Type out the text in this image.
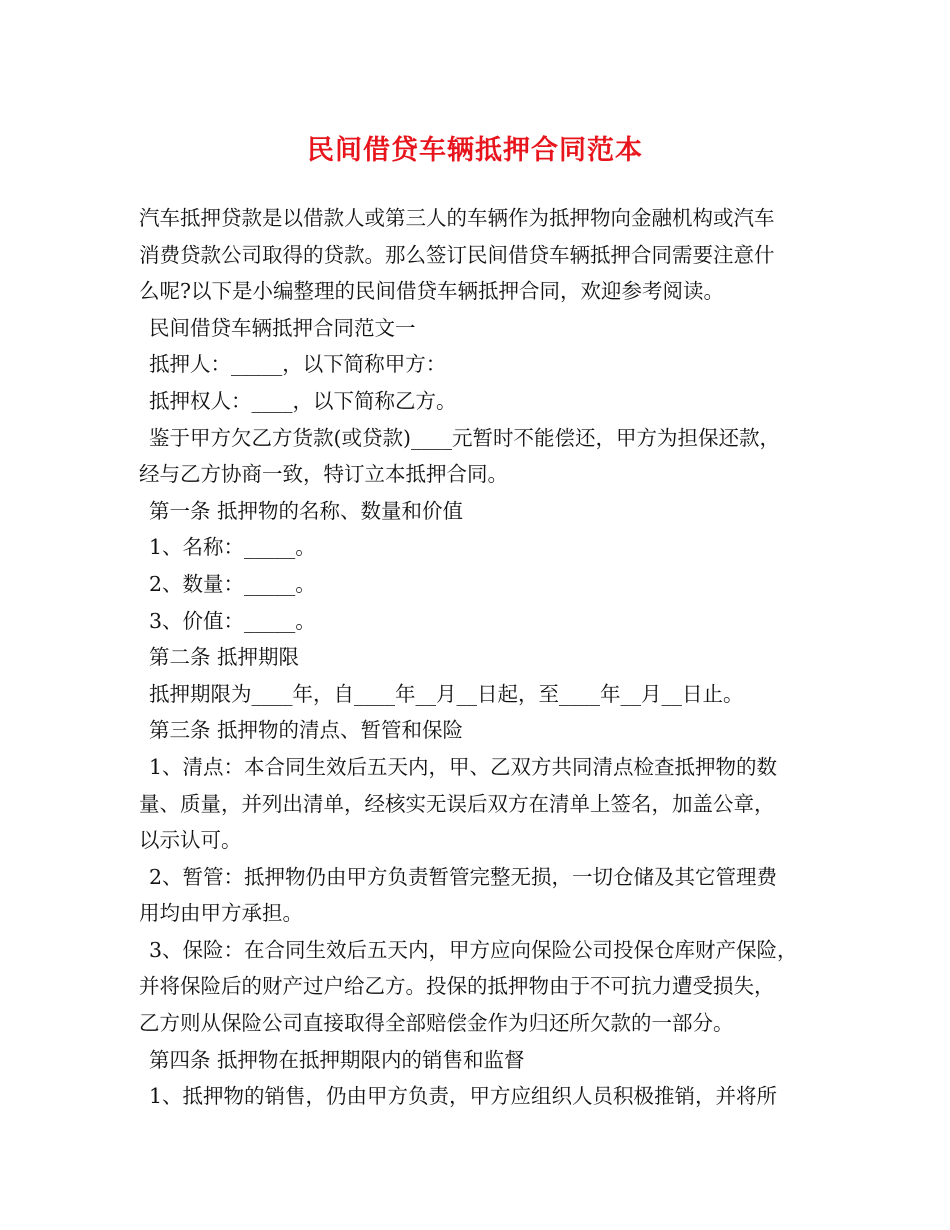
民间借贷车辆抵押合同范本
汽车抵押贷款是以借款人或第三人的车辆作为抵押物向金融机构或汽车
消费贷款公司取得的贷款。那么签订民间借贷车辆抵押合同需要注意什
么呢?以下是小编整理的民间借贷车辆抵押合同，欢迎参考阅读。
民间借贷车辆抵押合同范文一
抵押人：_____，以下简称甲方：
抵押权人：____，以下简称乙方。
鉴于甲方欠乙方货款(或贷款)____元暂时不能偿还，甲方为担保还款，
经与乙方协商一致，特订立本抵押合同。
第一条 抵押物的名称、数量和价值
1、名称：_____。
2、数量：_____。
3、价值：_____。
第二条 抵押期限
抵押期限为____年，自____年__月__日起，至____年__月__日止。
第三条 抵押物的清点、暂管和保险
1、清点：本合同生效后五天内，甲、乙双方共同清点检查抵押物的数
量、质量，并列出清单，经核实无误后双方在清单上签名，加盖公章，
以示认可。
2、暂管：抵押物仍由甲方负责暂管完整无损，一切仓储及其它管理费
用均由甲方承担。
3、保险：在合同生效后五天内，甲方应向保险公司投保仓库财产保险，
并将保险后的财产过户给乙方。投保的抵押物由于不可抗力遭受损失，
乙方则从保险公司直接取得全部赔偿金作为归还所欠款的一部分。
第四条 抵押物在抵押期限内的销售和监督
1、抵押物的销售，仍由甲方负责，甲方应组织人员积极推销，并将所
